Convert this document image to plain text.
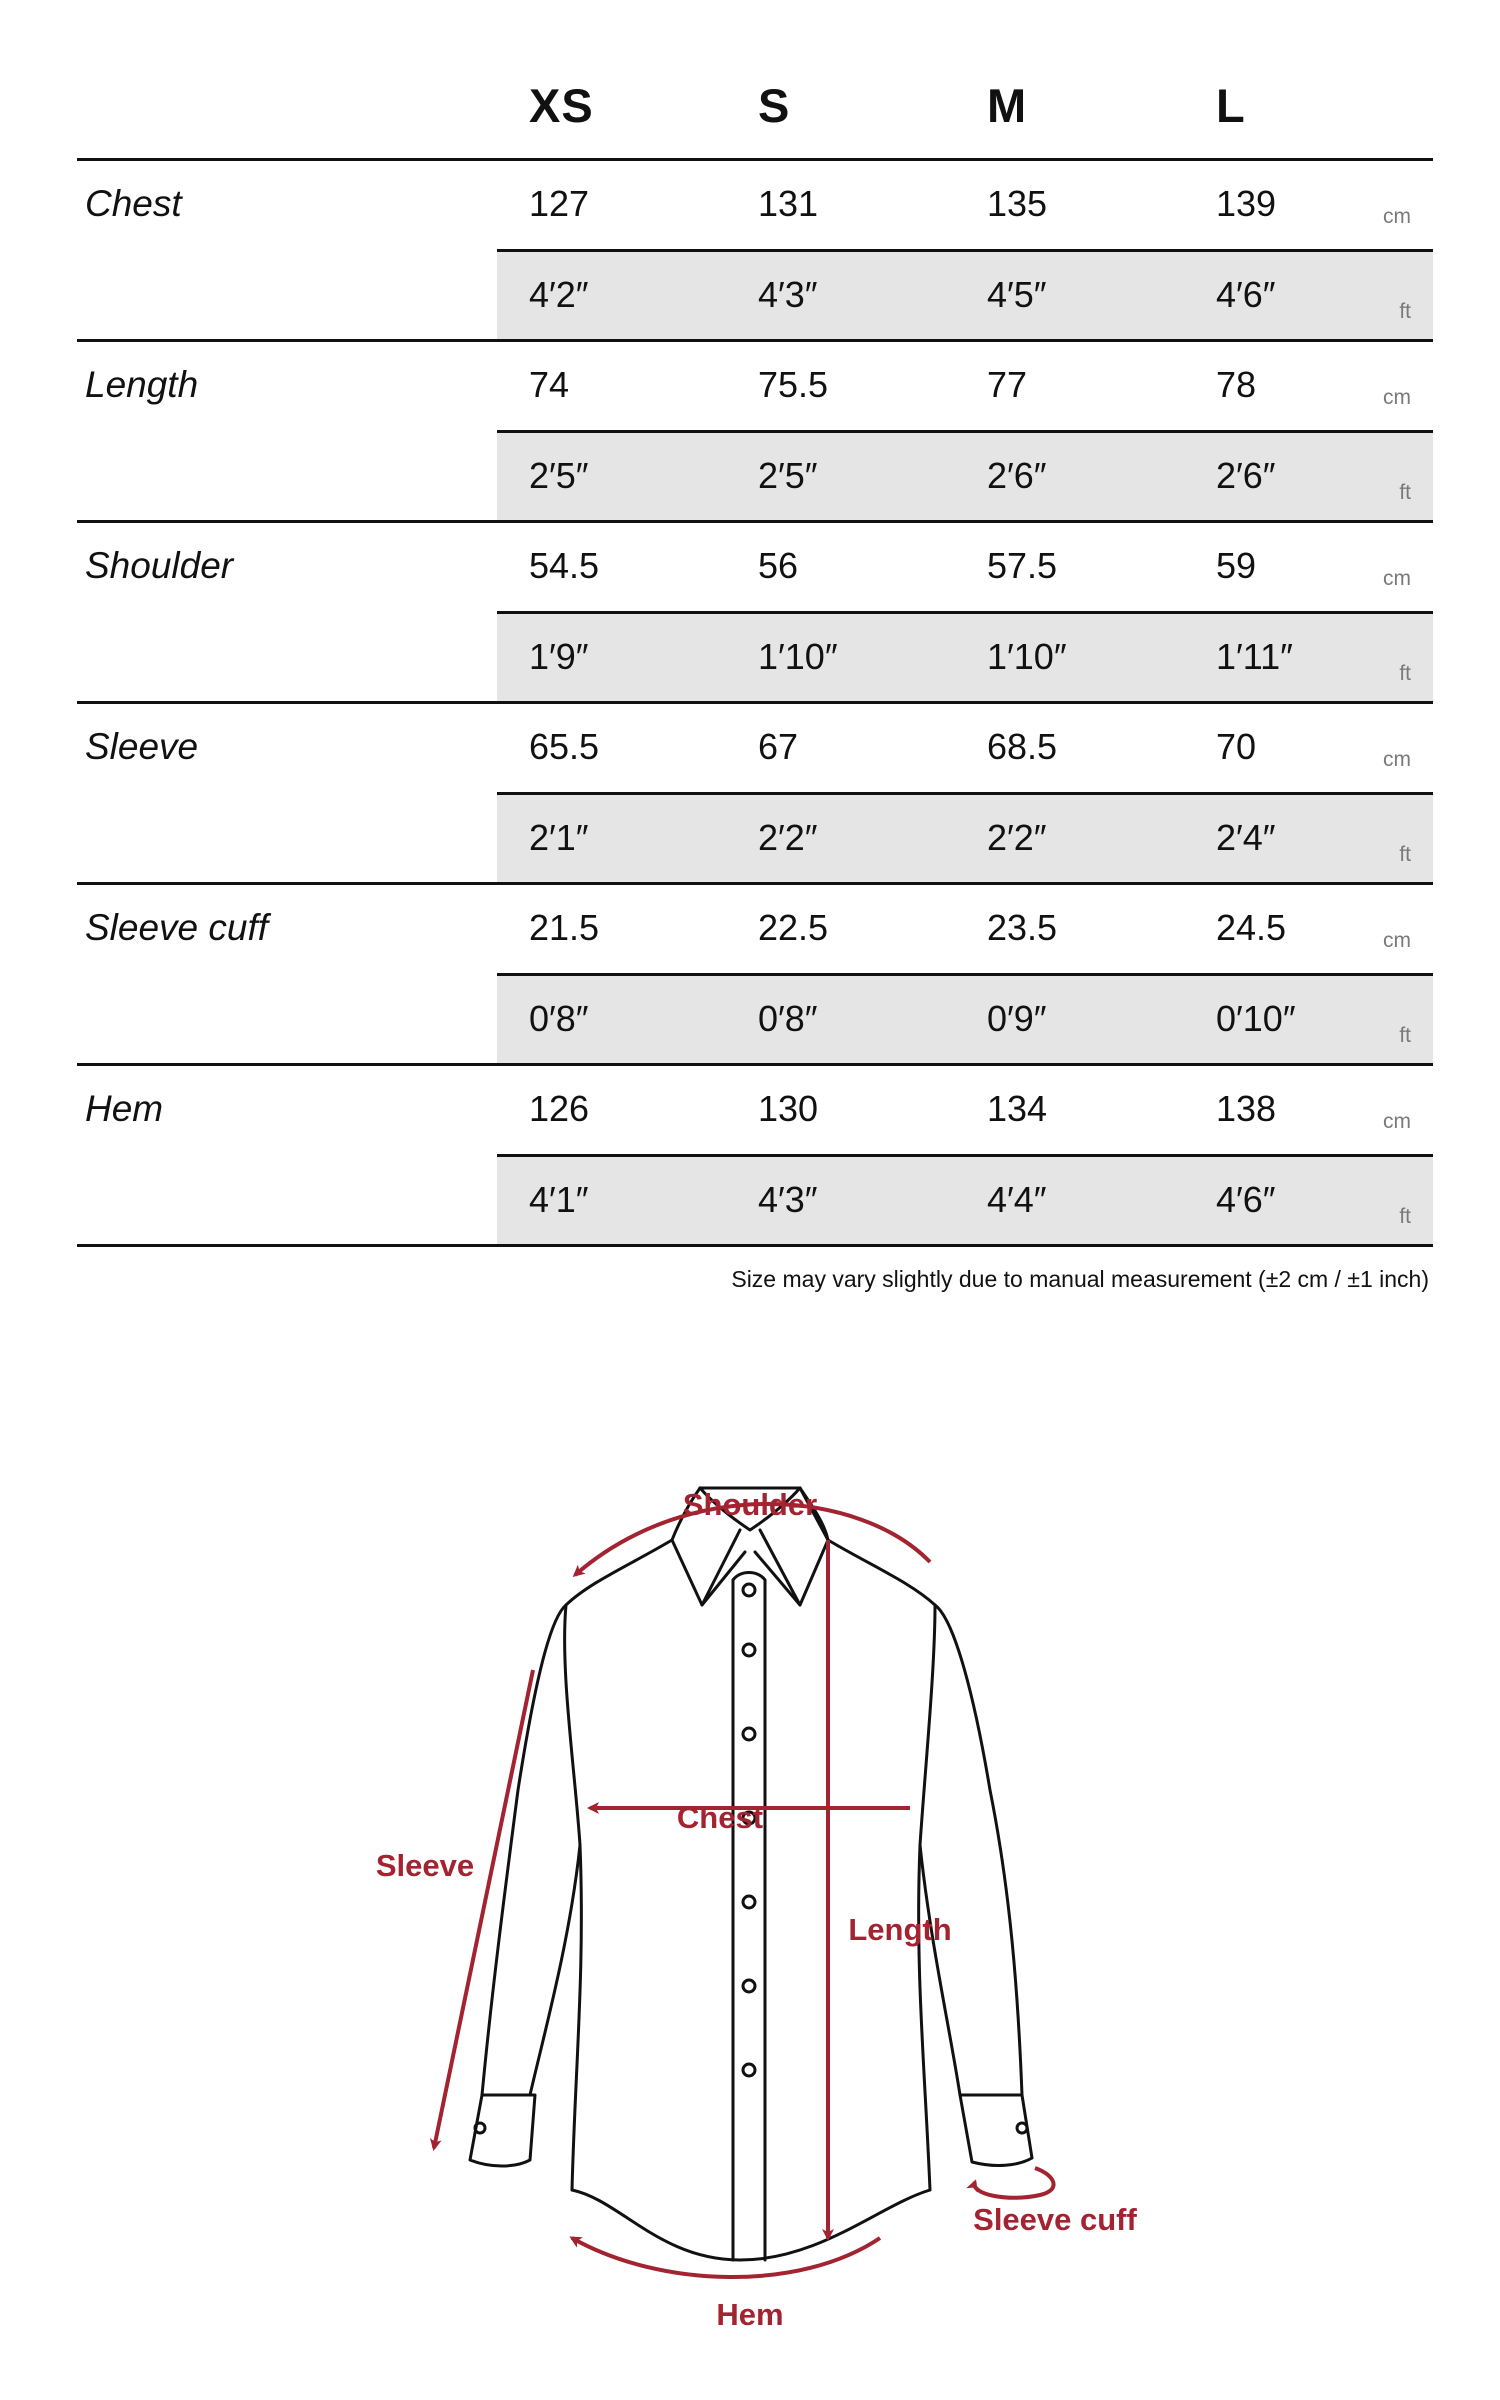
XS	S	M	L
Chest	127	131	135	139	cm
4′2″	4′3″	4′5″	4′6″	ft
Length	74	75.5	77	78	cm
2′5″	2′5″	2′6″	2′6″	ft
Shoulder	54.5	56	57.5	59	cm
1′9″	1′10″	1′10″	1′11″	ft
Sleeve	65.5	67	68.5	70	cm
2′1″	2′2″	2′2″	2′4″	ft
Sleeve cuff	21.5	22.5	23.5	24.5	cm
0′8″	0′8″	0′9″	0′10″	ft
Hem	126	130	134	138	cm
4′1″	4′3″	4′4″	4′6″	ft
Size may vary slightly due to manual measurement (±2 cm / ±1 inch)
Shoulder
Chest
Sleeve
Length
Sleeve cuff
Hem
